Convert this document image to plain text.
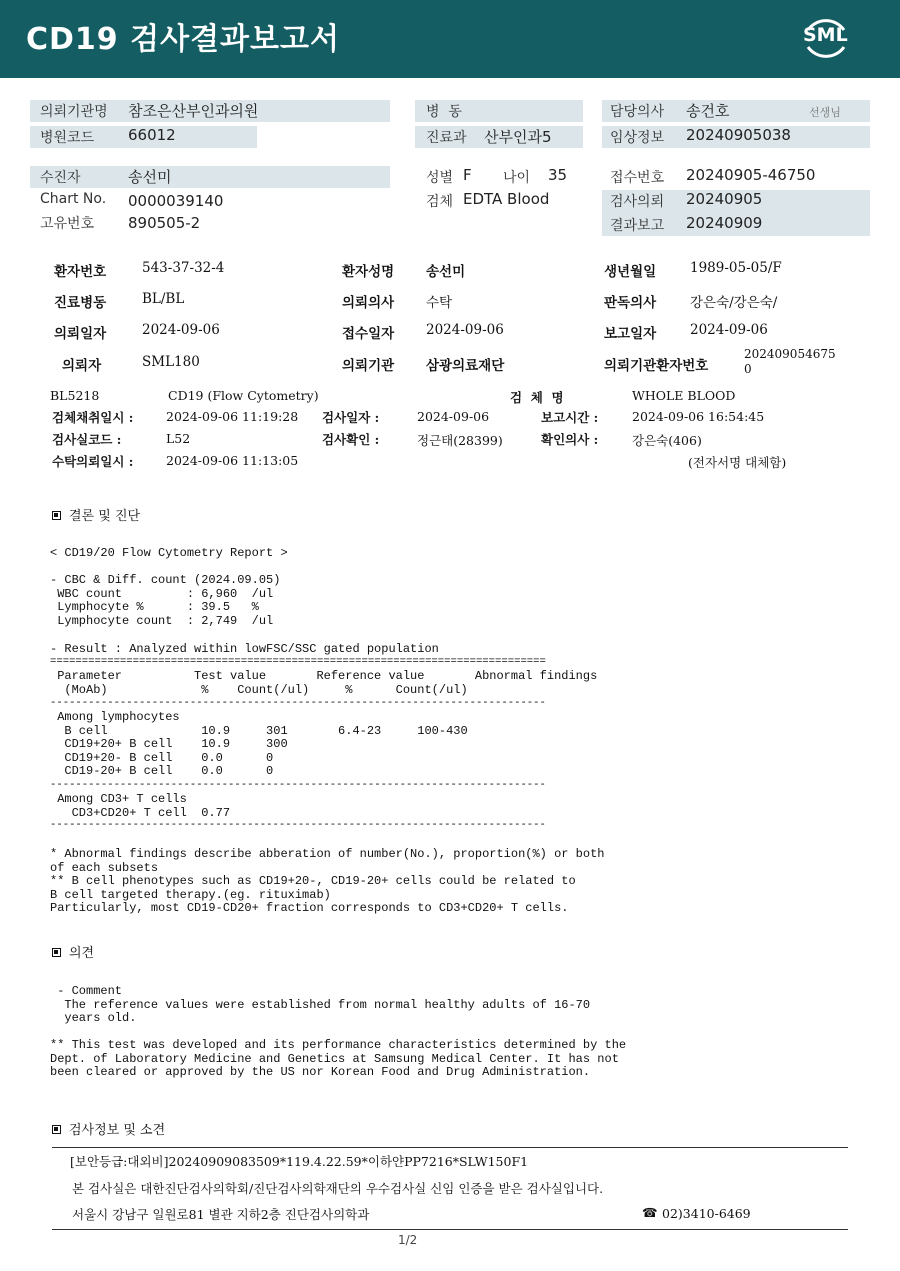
CD19 검사결과보고서	SML
의뢰기관명 참조은산부인과의원	병  동	담당의사 송건호	선생님
병원코드 66012	진료과 산부인과5	임상정보 20240905038
수진자	송선미	성별 F 나이 35	접수번호 20240905-46750
Chart No. 0000039140	검체 EDTA Blood	검사의뢰 20240905
고유번호 890505-2	결과보고 20240909
환자번호	543-37-32-4	환자성명 송선미	생년월일	1989-05-05/F
진료병동	BL/BL	의뢰의사 수탁	판독의사	강은숙/강은숙/
의뢰일자	2024-09-06	접수일자 2024-09-06	보고일자	2024-09-06
의뢰자	SML180	의뢰기관 삼광의료재단	의뢰기관환자번호
202409054675
0
BL5218	CD19 (Flow Cytometry)	검  체  명	WHOLE BLOOD
검체채취일시 :	2024-09-06 11:19:28 검사일자 :	2024-09-06	보고시간 :	2024-09-06 16:54:45
검사실코드 :	L52	검사확인 :	정근태(28399)	확인의사 :	강은숙(406)
수탁의뢰일시 :	2024-09-06 11:13:05	(전자서명 대체함)
결론 및 진단
< CD19/20 Flow Cytometry Report >
- CBC & Diff. count (2024.09.05)
WBC count         : 6,960  /ul
Lymphocyte %      : 39.5   %
Lymphocyte count  : 2,749  /ul
- Result : Analyzed within lowFSC/SSC gated population
==============================================================================
Parameter          Test value       Reference value       Abnormal findings
(MoAb)             %    Count(/ul)     %      Count(/ul)
------------------------------------------------------------------------------
Among lymphocytes
B cell             10.9     301       6.4-23     100-430
CD19+20+ B cell    10.9     300
CD19+20- B cell    0.0      0
CD19-20+ B cell    0.0      0
------------------------------------------------------------------------------
Among CD3+ T cells
CD3+CD20+ T cell  0.77
------------------------------------------------------------------------------
* Abnormal findings describe abberation of number(No.), proportion(%) or both
of each subsets
** B cell phenotypes such as CD19+20-, CD19-20+ cells could be related to
B cell targeted therapy.(eg. rituximab)
Particularly, most CD19-CD20+ fraction corresponds to CD3+CD20+ T cells.
의견
- Comment
The reference values were established from normal healthy adults of 16-70
years old.
** This test was developed and its performance characteristics determined by the
Dept. of Laboratory Medicine and Genetics at Samsung Medical Center. It has not
been cleared or approved by the US nor Korean Food and Drug Administration.
검사정보 및 소견
[보안등급:대외비]20240909083509*119.4.22.59*이하얀PP7216*SLW150F1
본 검사실은 대한진단검사의학회/진단검사의학재단의 우수검사실 신임 인증을 받은 검사실입니다.
서울시 강남구 일원로81 별관 지하2층 진단검사의학과	☎ 02)3410-6469
1/2
